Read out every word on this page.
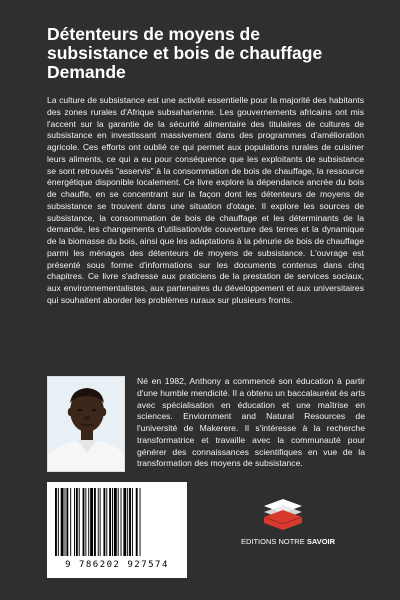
Détenteurs de moyens de
subsistance et bois de chauffage
Demande

La culture de subsistance est une activité essentielle pour la majorité des habitants des zones rurales d'Afrique subsaharienne. Les gouvernements africains ont mis l'accent sur la garantie de la sécurité alimentaire des titulaires de cultures de subsistance en investissant massivement dans des programmes d'amélioration agricole. Ces efforts ont oublié ce qui permet aux populations rurales de cuisiner leurs aliments, ce qui a eu pour conséquence que les exploitants de subsistance se sont retrouvés "asservis" à la consommation de bois de chauffage, la ressource énergétique disponible localement. Ce livre explore la dépendance ancrée du bois de chauffe, en se concentrant sur la façon dont les détenteurs de moyens de subsistance se trouvent dans une situation d'otage. Il explore les sources de subsistance, la consommation de bois de chauffage et les déterminants de la demande, les changements d'utilisation/de couverture des terres et la dynamique de la biomasse du bois, ainsi que les adaptations à la pénurie de bois de chauffage parmi les ménages des détenteurs de moyens de subsistance. L'ouvrage est présenté sous forme d'informations sur les documents contenus dans cinq chapitres. Ce livre s'adresse aux praticiens de la prestation de services sociaux, aux environnementalistes, aux partenaires du développement et aux universitaires qui souhaitent aborder les problèmes ruraux sur plusieurs fronts.

Né en 1982, Anthony a commencé son éducation à partir d'une humble mendicité. Il a obtenu un baccalauréat ès arts avec spécialisation en éducation et une maîtrise en sciences. Enviornment and Natural Resources de l'université de Makerere. Il s'intéresse à la recherche transformatrice et travaille avec la communauté pour générer des connaissances scientifiques en vue de la transformation des moyens de subsistance.

9 786202 927574
EDITIONS NOTRE SAVOIR
